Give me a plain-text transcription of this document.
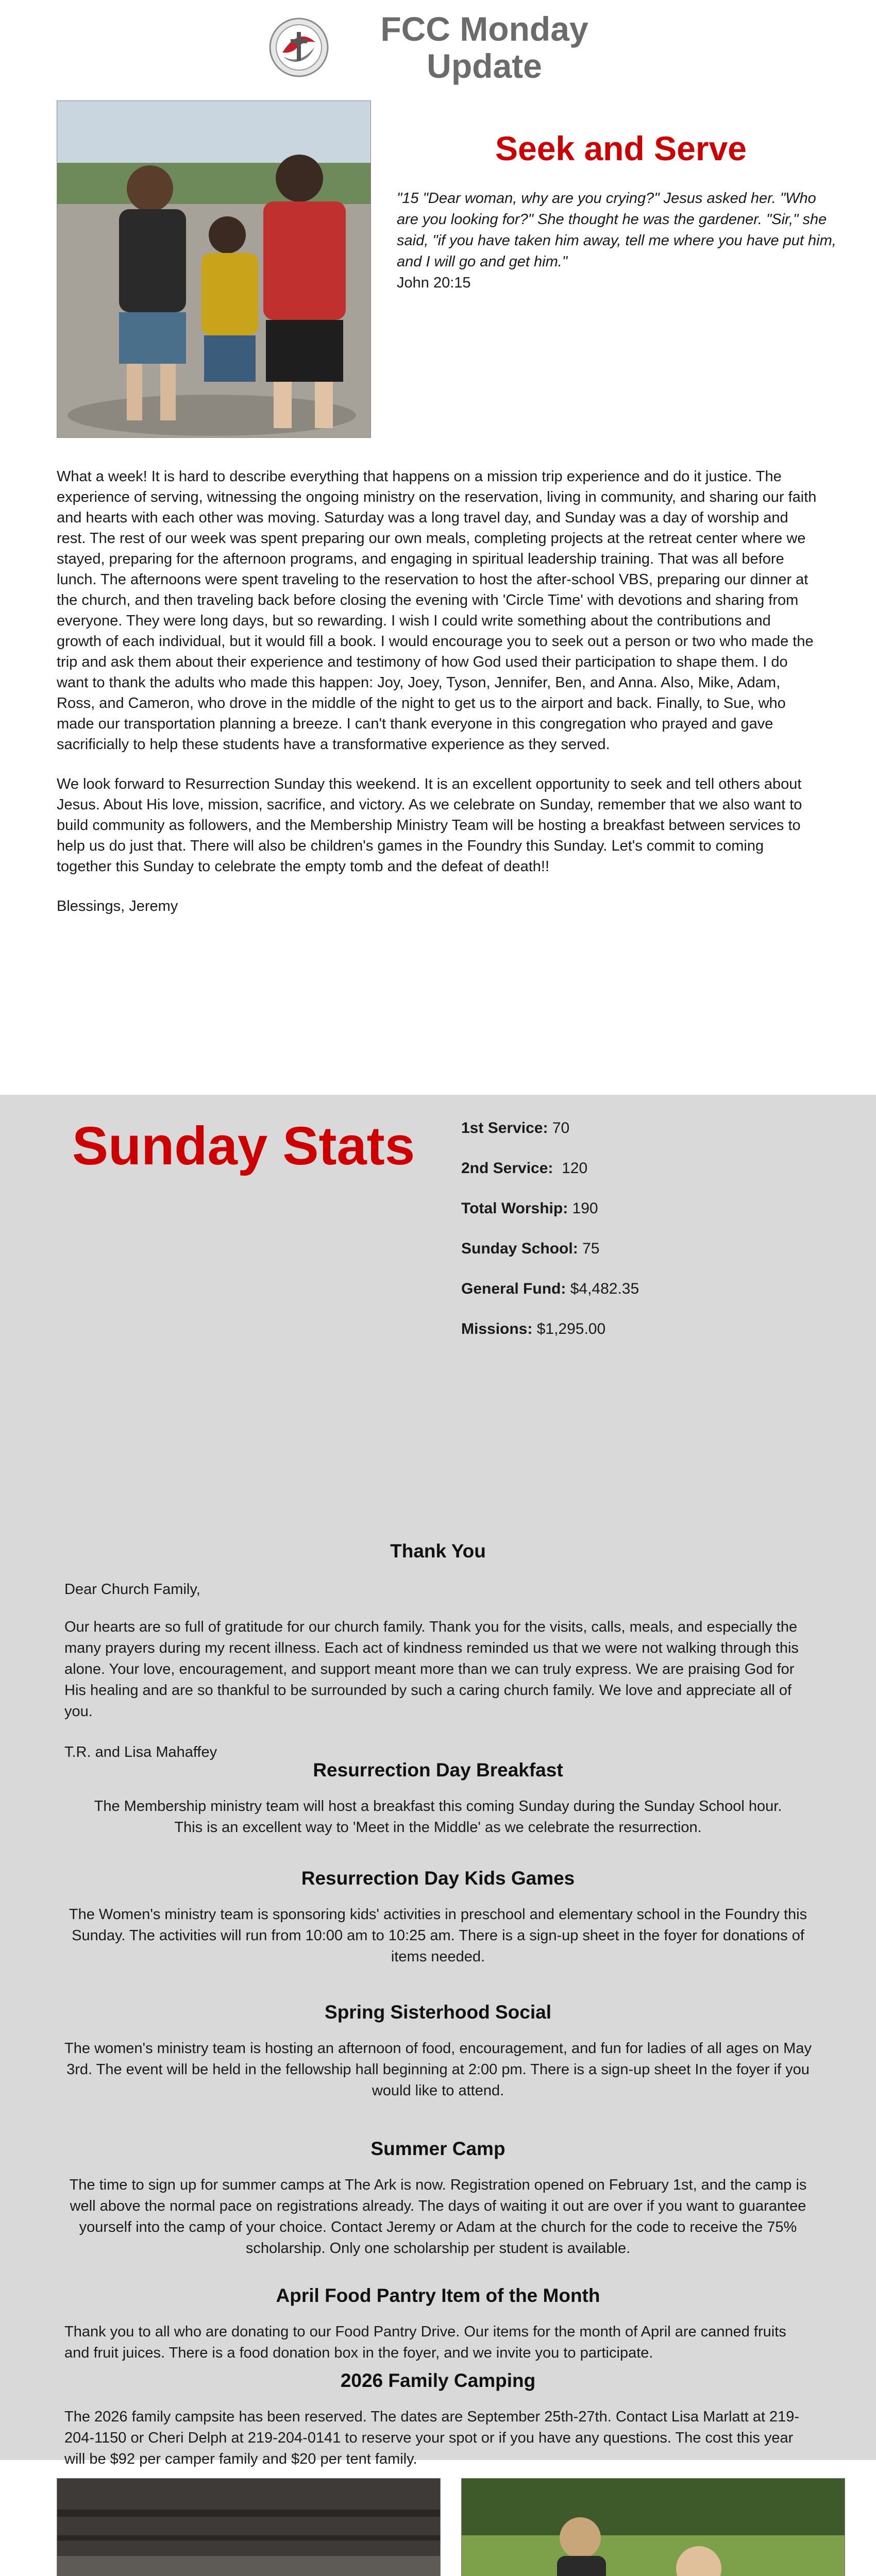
FCC Monday
Update
Seek and Serve
"15 "Dear woman, why are you crying?" Jesus asked her. "Who are you looking for?" She thought he was the gardener. "Sir," she said, "if you have taken him away, tell me where you have put him, and I will go and get him."
John 20:15

What a week! It is hard to describe everything that happens on a mission trip experience and do it justice. The experience of serving, witnessing the ongoing ministry on the reservation, living in community, and sharing our faith and hearts with each other was moving. Saturday was a long travel day, and Sunday was a day of worship and rest. The rest of our week was spent preparing our own meals, completing projects at the retreat center where we stayed, preparing for the afternoon programs, and engaging in spiritual leadership training. That was all before lunch. The afternoons were spent traveling to the reservation to host the after-school VBS, preparing our dinner at the church, and then traveling back before closing the evening with 'Circle Time' with devotions and sharing from everyone. They were long days, but so rewarding. I wish I could write something about the contributions and growth of each individual, but it would fill a book. I would encourage you to seek out a person or two who made the trip and ask them about their experience and testimony of how God used their participation to shape them. I do want to thank the adults who made this happen: Joy, Joey, Tyson, Jennifer, Ben, and Anna. Also, Mike, Adam, Ross, and Cameron, who drove in the middle of the night to get us to the airport and back. Finally, to Sue, who made our transportation planning a breeze. I can't thank everyone in this congregation who prayed and gave sacrificially to help these students have a transformative experience as they served.

We look forward to Resurrection Sunday this weekend. It is an excellent opportunity to seek and tell others about Jesus. About His love, mission, sacrifice, and victory. As we celebrate on Sunday, remember that we also want to build community as followers, and the Membership Ministry Team will be hosting a breakfast between services to help us do just that. There will also be children's games in the Foundry this Sunday. Let's commit to coming together this Sunday to celebrate the empty tomb and the defeat of death!!

Blessings, Jeremy

Sunday Stats	1st Service: 70
2nd Service: 120
Total Worship: 190
Sunday School: 75
General Fund: $4,482.35
Missions: $1,295.00
Thank You

Dear Church Family,

Our hearts are so full of gratitude for our church family. Thank you for the visits, calls, meals, and especially the many prayers during my recent illness. Each act of kindness reminded us that we were not walking through this alone. Your love, encouragement, and support meant more than we can truly express. We are praising God for His healing and are so thankful to be surrounded by such a caring church family. We love and appreciate all of you.

T.R. and Lisa Mahaffey

Resurrection Day Breakfast

The Membership ministry team will host a breakfast this coming Sunday during the Sunday School hour. This is an excellent way to 'Meet in the Middle' as we celebrate the resurrection.

Resurrection Day Kids Games

The Women's ministry team is sponsoring kids' activities in preschool and elementary school in the Foundry this Sunday. The activities will run from 10:00 am to 10:25 am. There is a sign-up sheet in the foyer for donations of items needed.

Spring Sisterhood Social

The women's ministry team is hosting an afternoon of food, encouragement, and fun for ladies of all ages on May 3rd. The event will be held in the fellowship hall beginning at 2:00 pm. There is a sign-up sheet In the foyer if you would like to attend.

Summer Camp

The time to sign up for summer camps at The Ark is now. Registration opened on February 1st, and the camp is well above the normal pace on registrations already. The days of waiting it out are over if you want to guarantee yourself into the camp of your choice. Contact Jeremy or Adam at the church for the code to receive the 75% scholarship. Only one scholarship per student is available.

April Food Pantry Item of the Month

Thank you to all who are donating to our Food Pantry Drive. Our items for the month of April are canned fruits and fruit juices. There is a food donation box in the foyer, and we invite you to participate.

2026 Family Camping

The 2026 family campsite has been reserved. The dates are September 25th-27th. Contact Lisa Marlatt at 219-204-1150 or Cheri Delph at 219-204-0141 to reserve your spot or if you have any questions. The cost this year will be $92 per camper family and $20 per tent family.
